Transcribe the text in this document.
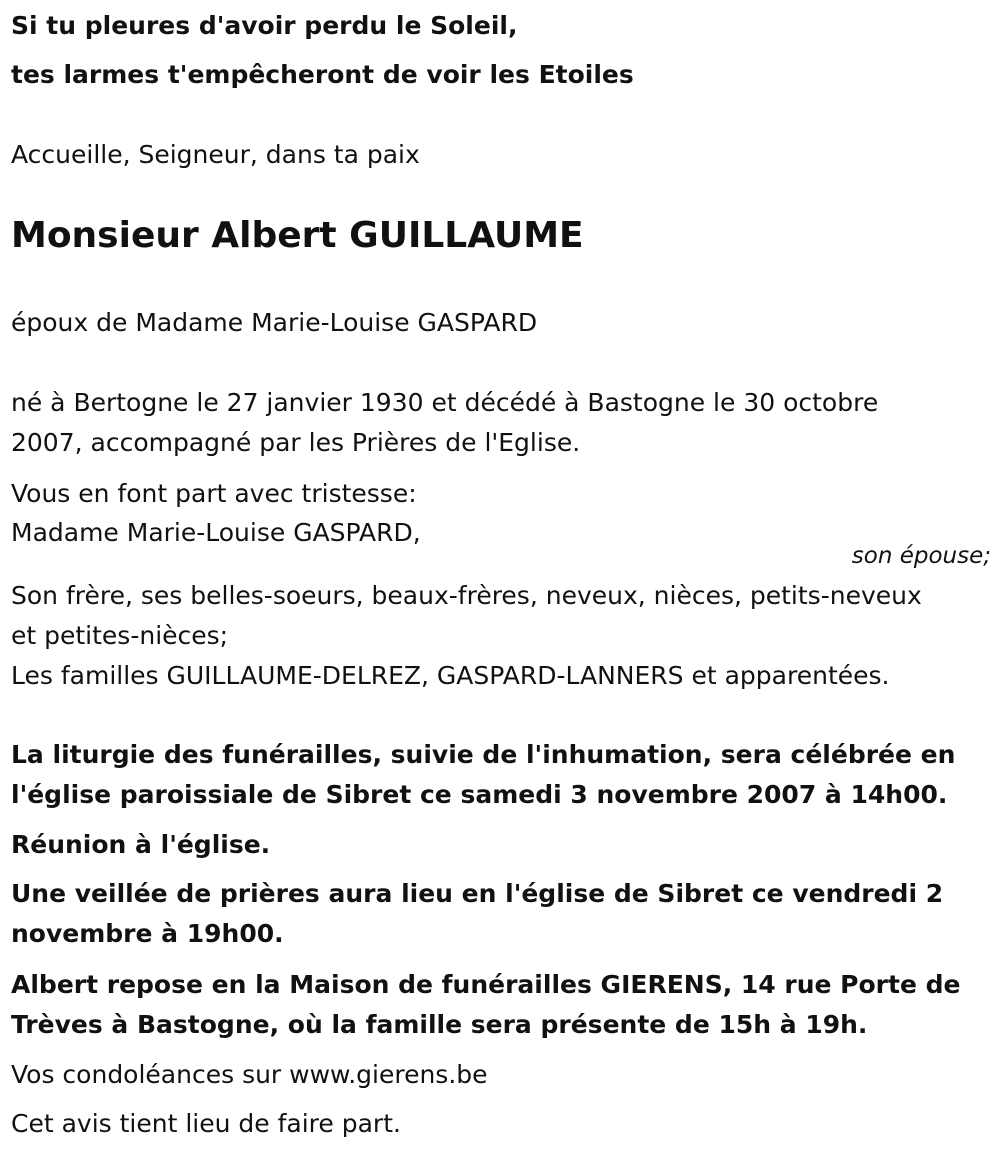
Si tu pleures d'avoir perdu le Soleil,
tes larmes t'empêcheront de voir les Etoiles
Accueille, Seigneur, dans ta paix
Monsieur Albert GUILLAUME
époux de Madame Marie-Louise GASPARD
né à Bertogne le 27 janvier 1930 et décédé à Bastogne le 30 octobre
2007, accompagné par les Prières de l'Eglise.
Vous en font part avec tristesse:
Madame Marie-Louise GASPARD,
son épouse;
Son frère, ses belles-soeurs, beaux-frères, neveux, nièces, petits-neveux
et petites-nièces;
Les familles GUILLAUME-DELREZ, GASPARD-LANNERS et apparentées.
La liturgie des funérailles, suivie de l'inhumation, sera célébrée en
l'église paroissiale de Sibret ce samedi 3 novembre 2007 à 14h00.
Réunion à l'église.
Une veillée de prières aura lieu en l'église de Sibret ce vendredi 2
novembre à 19h00.
Albert repose en la Maison de funérailles GIERENS, 14 rue Porte de
Trèves à Bastogne, où la famille sera présente de 15h à 19h.
Vos condoléances sur www.gierens.be
Cet avis tient lieu de faire part.
